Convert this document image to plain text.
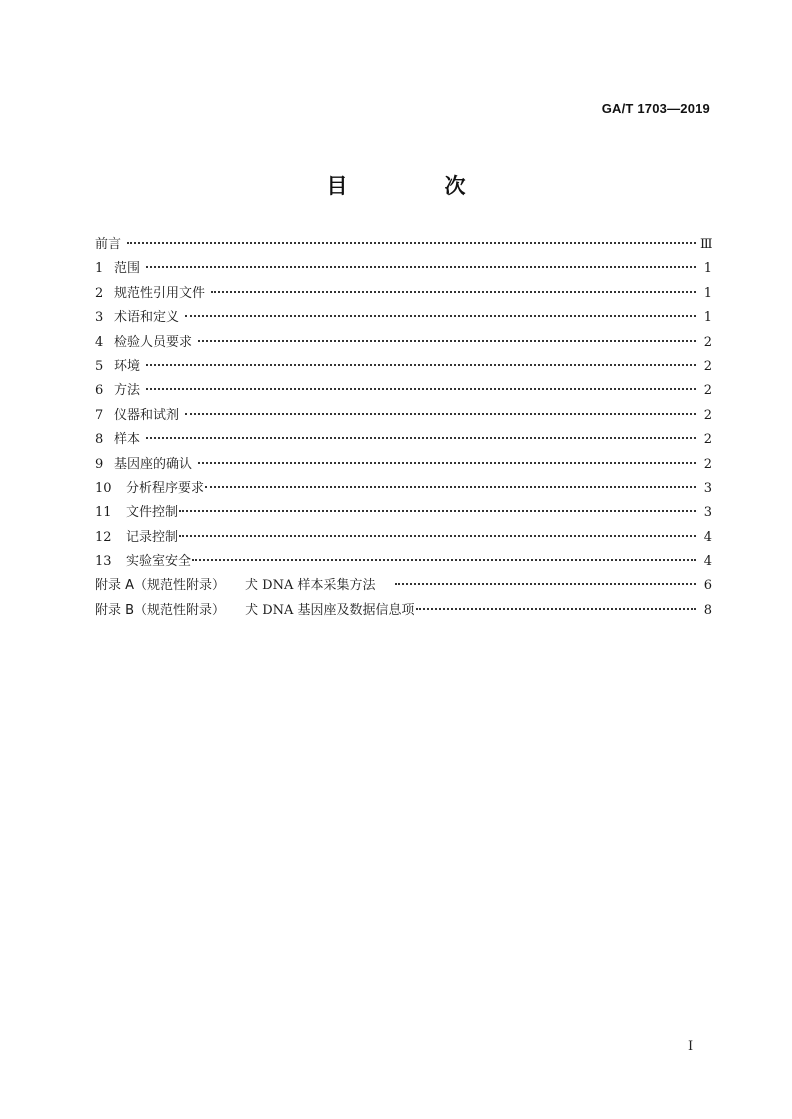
GA/T 1703—2019
目　次
前言	Ⅲ
1 范围	1
2 规范性引用文件	1
3 术语和定义	1
4 检验人员要求	2
5 环境	2
6 方法	2
7 仪器和试剂	2
8 样本	2
9 基因座的确认	2
10	分析程序要求	3
11	文件控制	3
12	记录控制	4
13	实验室安全	4
附录 A（规范性附录） 犬 DNA 样本采集方法	6
附录 B（规范性附录） 犬 DNA 基因座及数据信息项	8
I
